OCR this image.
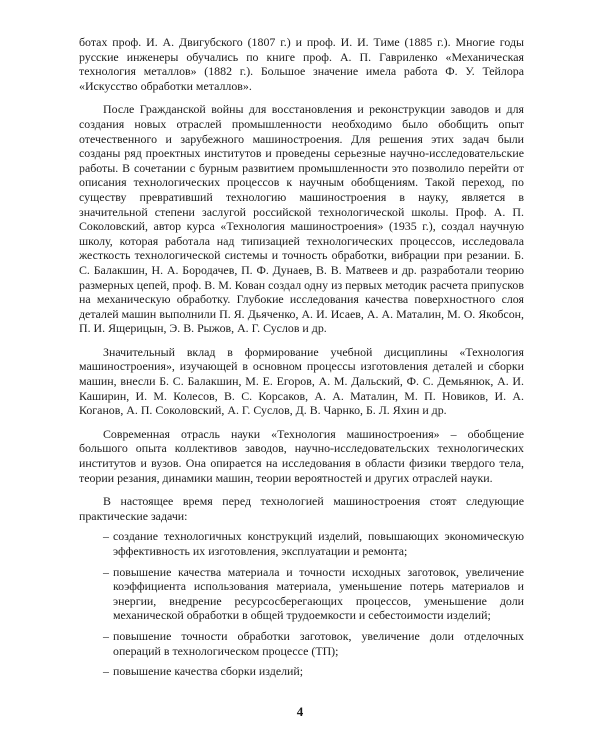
ботах проф. И. А. Двигубского (1807 г.) и проф. И. И. Тиме (1885 г.). Многие годы русские инженеры обучались по книге проф. А. П. Гавриленко «Механическая технология металлов» (1882 г.). Большое значение имела работа Ф. У. Тейлора «Искусство обработки металлов».

После Гражданской войны для восстановления и реконструкции заводов и для создания новых отраслей промышленности необходимо было обобщить опыт отечественного и зарубежного машиностроения. Для решения этих задач были созданы ряд проектных институтов и проведены серьезные научно-исследовательские работы. В сочетании с бурным развитием промышленности это позволило перейти от описания технологических процессов к научным обобщениям. Такой переход, по существу превративший технологию машиностроения в науку, является в значительной степени заслугой российской технологической школы. Проф. А. П. Соколовский, автор курса «Технология машиностроения» (1935 г.), создал научную школу, которая работала над типизацией технологических процессов, исследовала жесткость технологической системы и точность обработки, вибрации при резании. Б. С. Балакшин, Н. А. Бородачев, П. Ф. Дунаев, В. В. Матвеев и др. разработали теорию размерных цепей, проф. В. М. Кован создал одну из первых методик расчета припусков на механическую обработку. Глубокие исследования качества поверхностного слоя деталей машин выполнили П. Я. Дьяченко, А. И. Исаев, А. А. Маталин, М. О. Якобсон, П. И. Ящерицын, Э. В. Рыжов, А. Г. Суслов и др.

Значительный вклад в формирование учебной дисциплины «Технология машиностроения», изучающей в основном процессы изготовления деталей и сборки машин, внесли Б. С. Балакшин, М. Е. Егоров, А. М. Дальский, Ф. С. Демьянюк, А. И. Каширин, И. М. Колесов, В. С. Корсаков, А. А. Маталин, М. П. Новиков, И. А. Коганов, А. П. Соколовский, А. Г. Суслов, Д. В. Чарнко, Б. Л. Яхин и др.

Современная отрасль науки «Технология машиностроения» – обобщение большого опыта коллективов заводов, научно-исследовательских технологических институтов и вузов. Она опирается на исследования в области физики твердого тела, теории резания, динамики машин, теории вероятностей и других отраслей науки.

В настоящее время перед технологией машиностроения стоят следующие практические задачи:

– создание технологичных конструкций изделий, повышающих экономическую эффективность их изготовления, эксплуатации и ремонта;
– повышение качества материала и точности исходных заготовок, увеличение коэффициента использования материала, уменьшение потерь материалов и энергии, внедрение ресурсосберегающих процессов, уменьшение доли механической обработки в общей трудоемкости и себестоимости изделий;
– повышение точности обработки заготовок, увеличение доли отделочных операций в технологическом процессе (ТП);
– повышение качества сборки изделий;
4
